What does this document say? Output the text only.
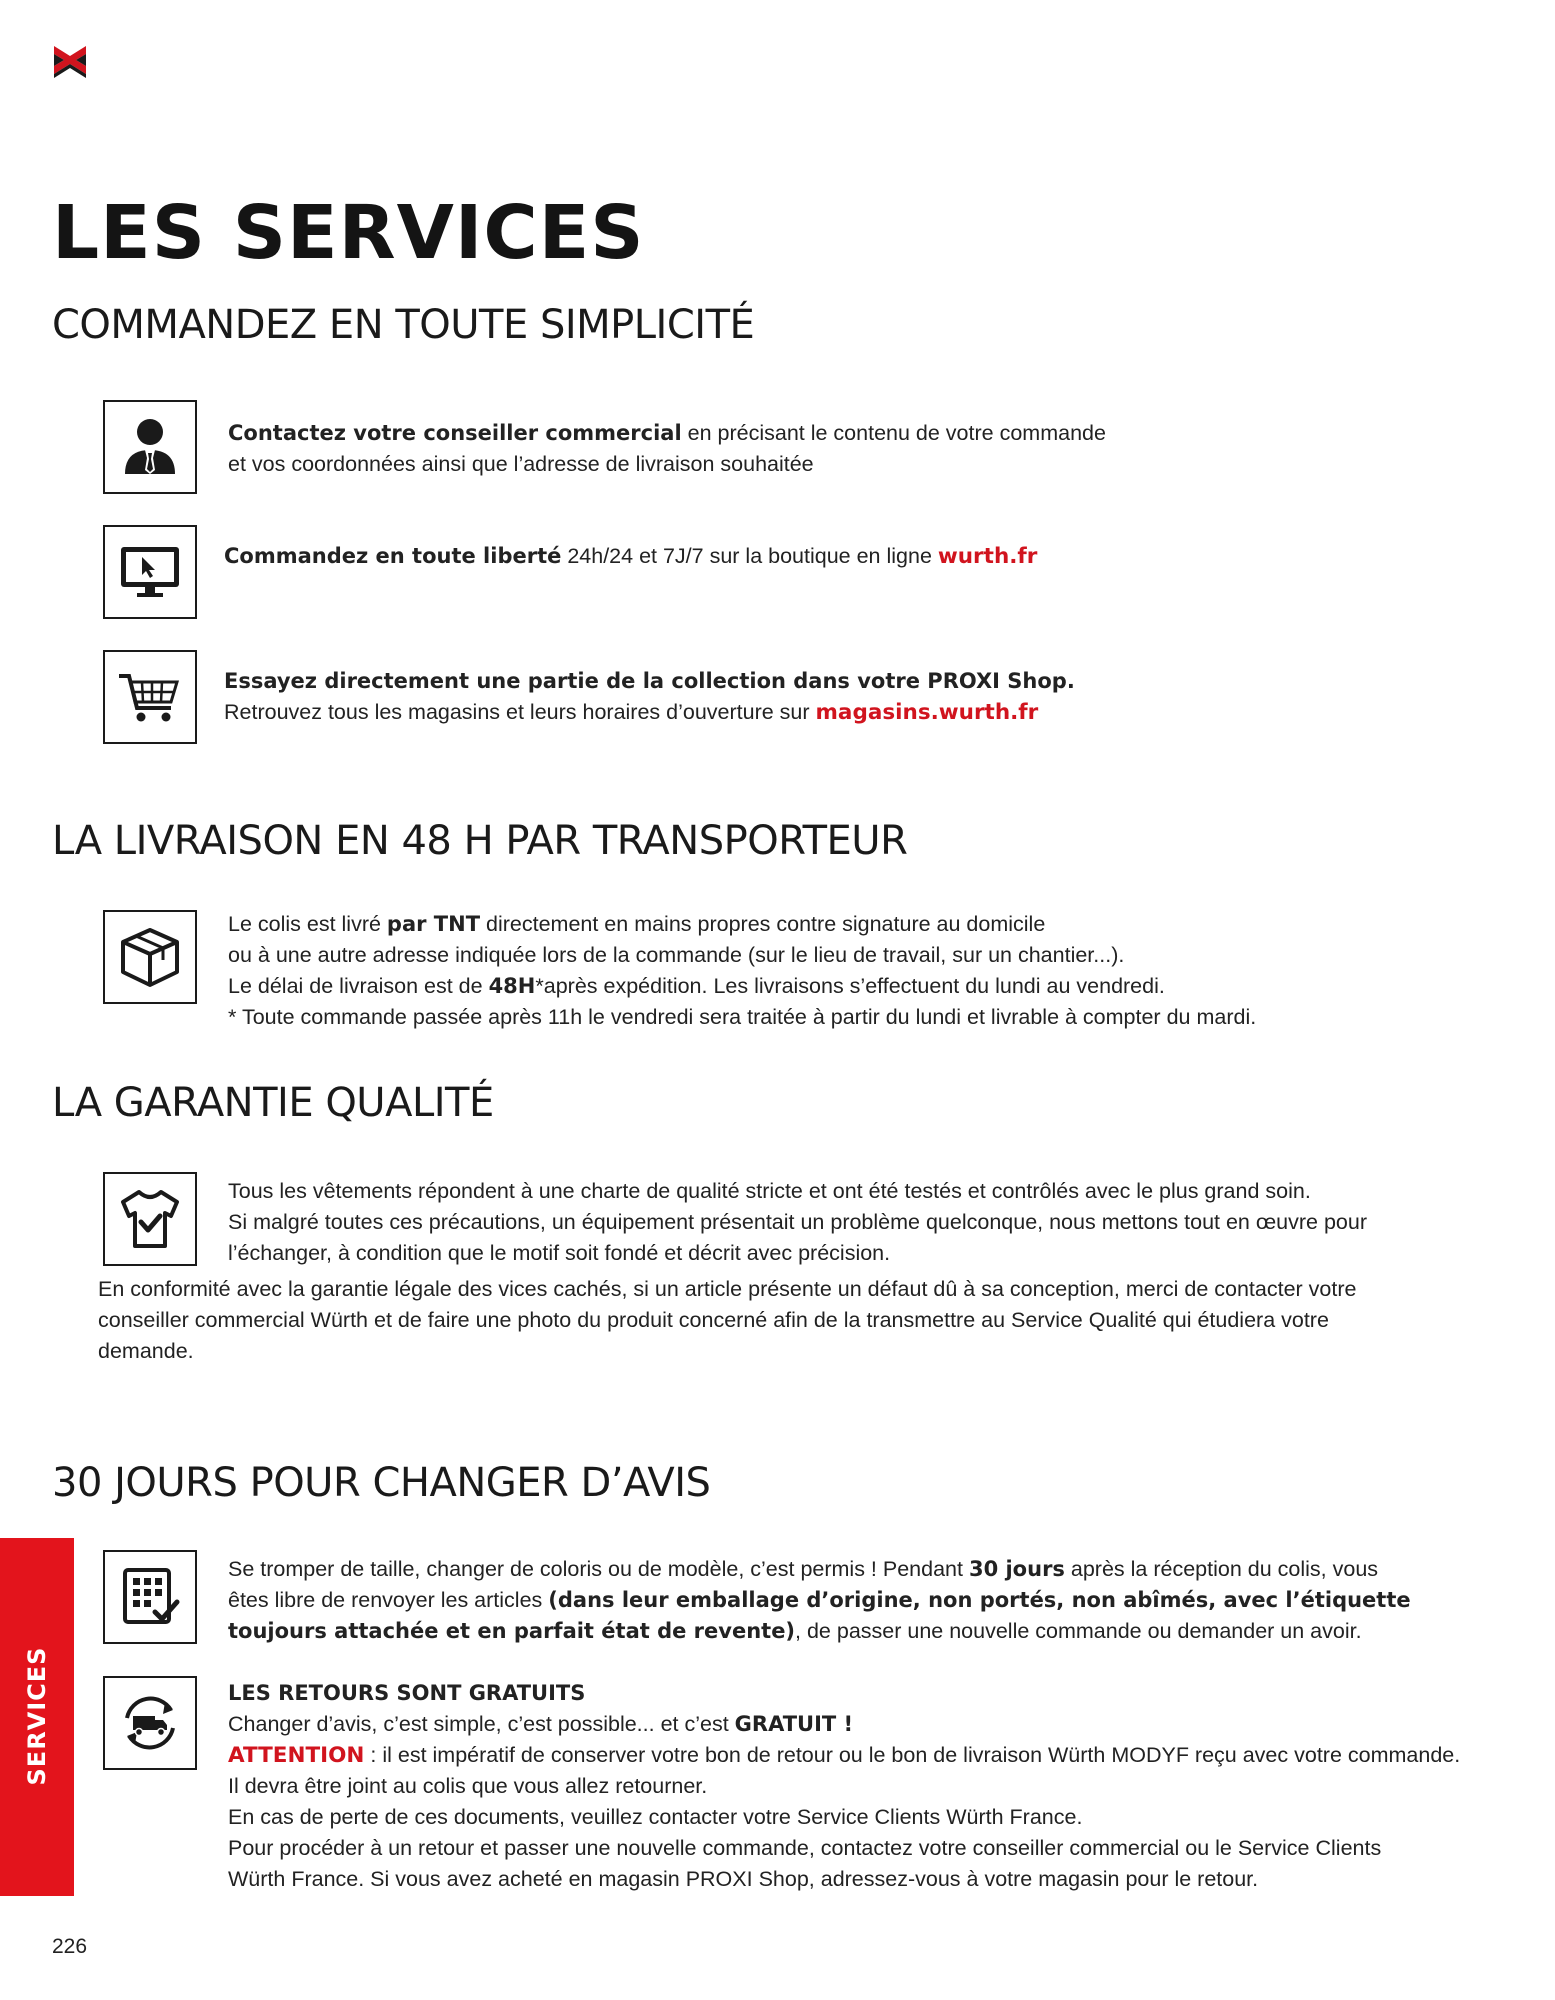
LES SERVICES
COMMANDEZ EN TOUTE SIMPLICITÉ

Contactez votre conseiller commercial en précisant le contenu de votre commande

et vos coordonnées ainsi que l’adresse de livraison souhaitée

Commandez en toute liberté 24h/24 et 7J/7 sur la boutique en ligne wurth.fr

Essayez directement une partie de la collection dans votre PROXI Shop.

Retrouvez tous les magasins et leurs horaires d’ouverture sur magasins.wurth.fr

LA LIVRAISON EN 48 H PAR TRANSPORTEUR

Le colis est livré par TNT directement en mains propres contre signature au domicile

ou à une autre adresse indiquée lors de la commande (sur le lieu de travail, sur un chantier...).

Le délai de livraison est de 48H*après expédition. Les livraisons s’effectuent du lundi au vendredi.

* Toute commande passée après 11h le vendredi sera traitée à partir du lundi et livrable à compter du mardi.

LA GARANTIE QUALITÉ

Tous les vêtements répondent à une charte de qualité stricte et ont été testés et contrôlés avec le plus grand soin.

Si malgré toutes ces précautions, un équipement présentait un problème quelconque, nous mettons tout en œuvre pour

l’échanger, à condition que le motif soit fondé et décrit avec précision.

En conformité avec la garantie légale des vices cachés, si un article présente un défaut dû à sa conception, merci de contacter votre

conseiller commercial Würth et de faire une photo du produit concerné afin de la transmettre au Service Qualité qui étudiera votre

demande.

30 JOURS POUR CHANGER D’AVIS

Se tromper de taille, changer de coloris ou de modèle, c’est permis ! Pendant 30 jours après la réception du colis, vous

êtes libre de renvoyer les articles (dans leur emballage d’origine, non portés, non abîmés, avec l’étiquette

toujours attachée et en parfait état de revente), de passer une nouvelle commande ou demander un avoir.

LES RETOURS SONT GRATUITS

Changer d’avis, c’est simple, c’est possible... et c’est GRATUIT !

ATTENTION : il est impératif de conserver votre bon de retour ou le bon de livraison Würth MODYF reçu avec votre commande.

Il devra être joint au colis que vous allez retourner.

En cas de perte de ces documents, veuillez contacter votre Service Clients Würth France.

Pour procéder à un retour et passer une nouvelle commande, contactez votre conseiller commercial ou le Service Clients

Würth France. Si vous avez acheté en magasin PROXI Shop, adressez-vous à votre magasin pour le retour.

SERVICES
226
